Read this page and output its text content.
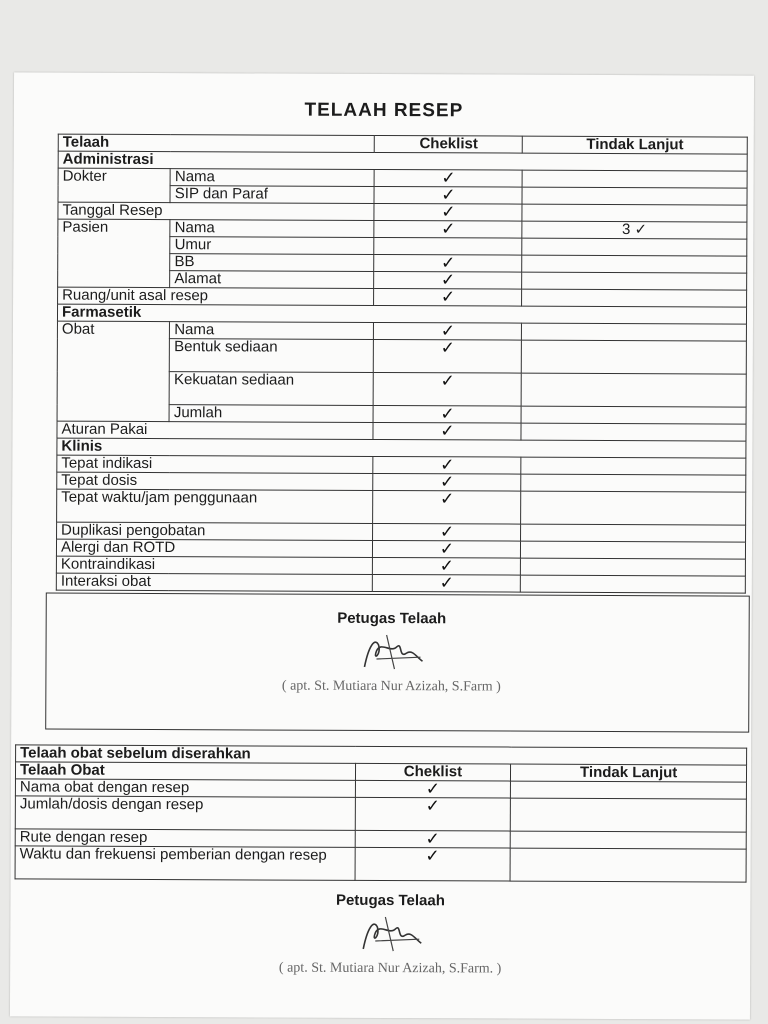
TELAAH RESEP
Telaah		Cheklist	Tindak Lanjut
Administrasi			
Dokter	Nama	✓	
	SIP dan Paraf	✓	
Tanggal Resep		✓	
Pasien	Nama	✓	3 ✓
	Umur		
	BB	✓	
	Alamat	✓	
Ruang/unit asal resep		✓	
Farmasetik			
Obat	Nama	✓	
	Bentuk sediaan	✓	
	Kekuatan sediaan	✓	
	Jumlah	✓	
Aturan Pakai		✓	
Klinis			
Tepat indikasi		✓	
Tepat dosis		✓	
Tepat waktu/jam penggunaan		✓	
Duplikasi pengobatan		✓	
Alergi dan ROTD		✓	
Kontraindikasi		✓	
Interaksi obat		✓	
Petugas Telaah
( apt. St. Mutiara Nur Azizah, S.Farm )
Telaah obat sebelum diserahkan		
Telaah Obat	Cheklist	Tindak Lanjut
Nama obat dengan resep	✓	
Jumlah/dosis dengan resep	✓	
Rute dengan resep	✓	
Waktu dan frekuensi pemberian dengan resep	✓	
Petugas Telaah
( apt. St. Mutiara Nur Azizah, S.Farm. )
